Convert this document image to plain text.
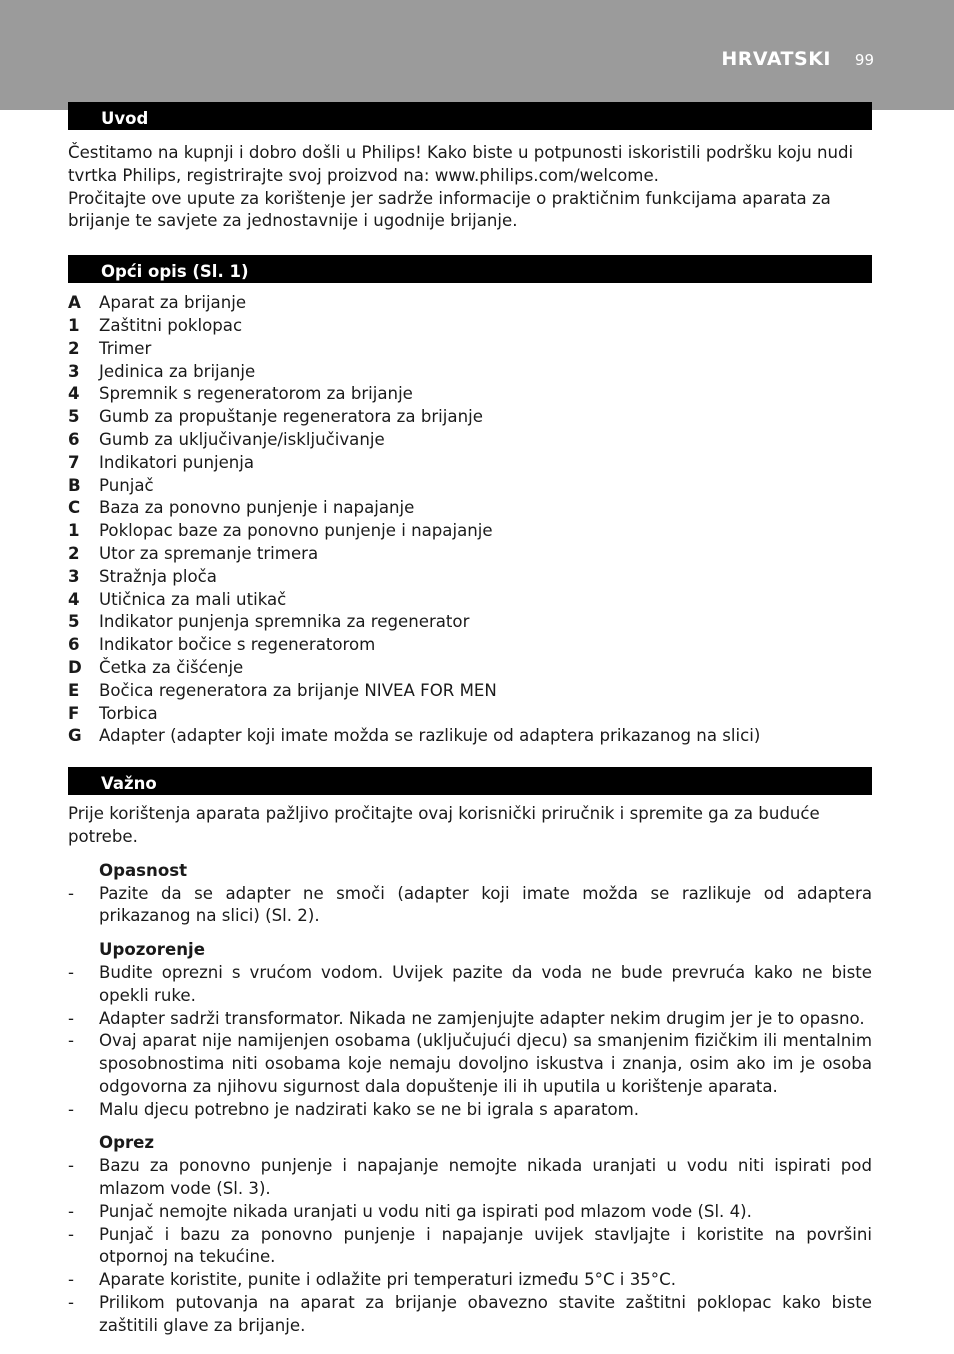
HRVATSKI 99
Uvod

Čestitamo na kupnji i dobro došli u Philips! Kako biste u potpunosti iskoristili podršku koju nudi tvrtka Philips, registrirajte svoj proizvod na: www.philips.com/welcome.

Pročitajte ove upute za korištenje jer sadrže informacije o praktičnim funkcijama aparata za brijanje te savjete za jednostavnije i ugodnije brijanje.

Opći opis (Sl. 1)
A	Aparat za brijanje
1	Zaštitni poklopac
2	Trimer
3	Jedinica za brijanje
4	Spremnik s regeneratorom za brijanje
5	Gumb za propuštanje regeneratora za brijanje
6	Gumb za uključivanje/isključivanje
7	Indikatori punjenja
B	Punjač
C	Baza za ponovno punjenje i napajanje
1	Poklopac baze za ponovno punjenje i napajanje
2	Utor za spremanje trimera
3	Stražnja ploča
4	Utičnica za mali utikač
5	Indikator punjenja spremnika za regenerator
6	Indikator bočice s regeneratorom
D	Četka za čišćenje
E	Bočica regeneratora za brijanje NIVEA FOR MEN
F	Torbica
G	Adapter (adapter koji imate možda se razlikuje od adaptera prikazanog na slici)
Važno

Prije korištenja aparata pažljivo pročitajte ovaj korisnički priručnik i spremite ga za buduće potrebe.

Opasnost
-	Pazite da se adapter ne smoči (adapter koji imate možda se razlikuje od adaptera prikazanog na slici) (Sl. 2).
Upozorenje
-	Budite oprezni s vrućom vodom. Uvijek pazite da voda ne bude prevruća kako ne biste opekli ruke.
-	Adapter sadrži transformator. Nikada ne zamjenjujte adapter nekim drugim jer je to opasno.
-	Ovaj aparat nije namijenjen osobama (uključujući djecu) sa smanjenim fizičkim ili mentalnim sposobnostima niti osobama koje nemaju dovoljno iskustva i znanja, osim ako im je osoba odgovorna za njihovu sigurnost dala dopuštenje ili ih uputila u korištenje aparata.
-	Malu djecu potrebno je nadzirati kako se ne bi igrala s aparatom.
Oprez
-	Bazu za ponovno punjenje i napajanje nemojte nikada uranjati u vodu niti ispirati pod mlazom vode (Sl. 3).
-	Punjač nemojte nikada uranjati u vodu niti ga ispirati pod mlazom vode (Sl. 4).
-	Punjač i bazu za ponovno punjenje i napajanje uvijek stavljajte i koristite na površini otpornoj na tekućine.
-	Aparate koristite, punite i odlažite pri temperaturi između 5°C i 35°C.
-	Prilikom putovanja na aparat za brijanje obavezno stavite zaštitni poklopac kako biste zaštitili glave za brijanje.
